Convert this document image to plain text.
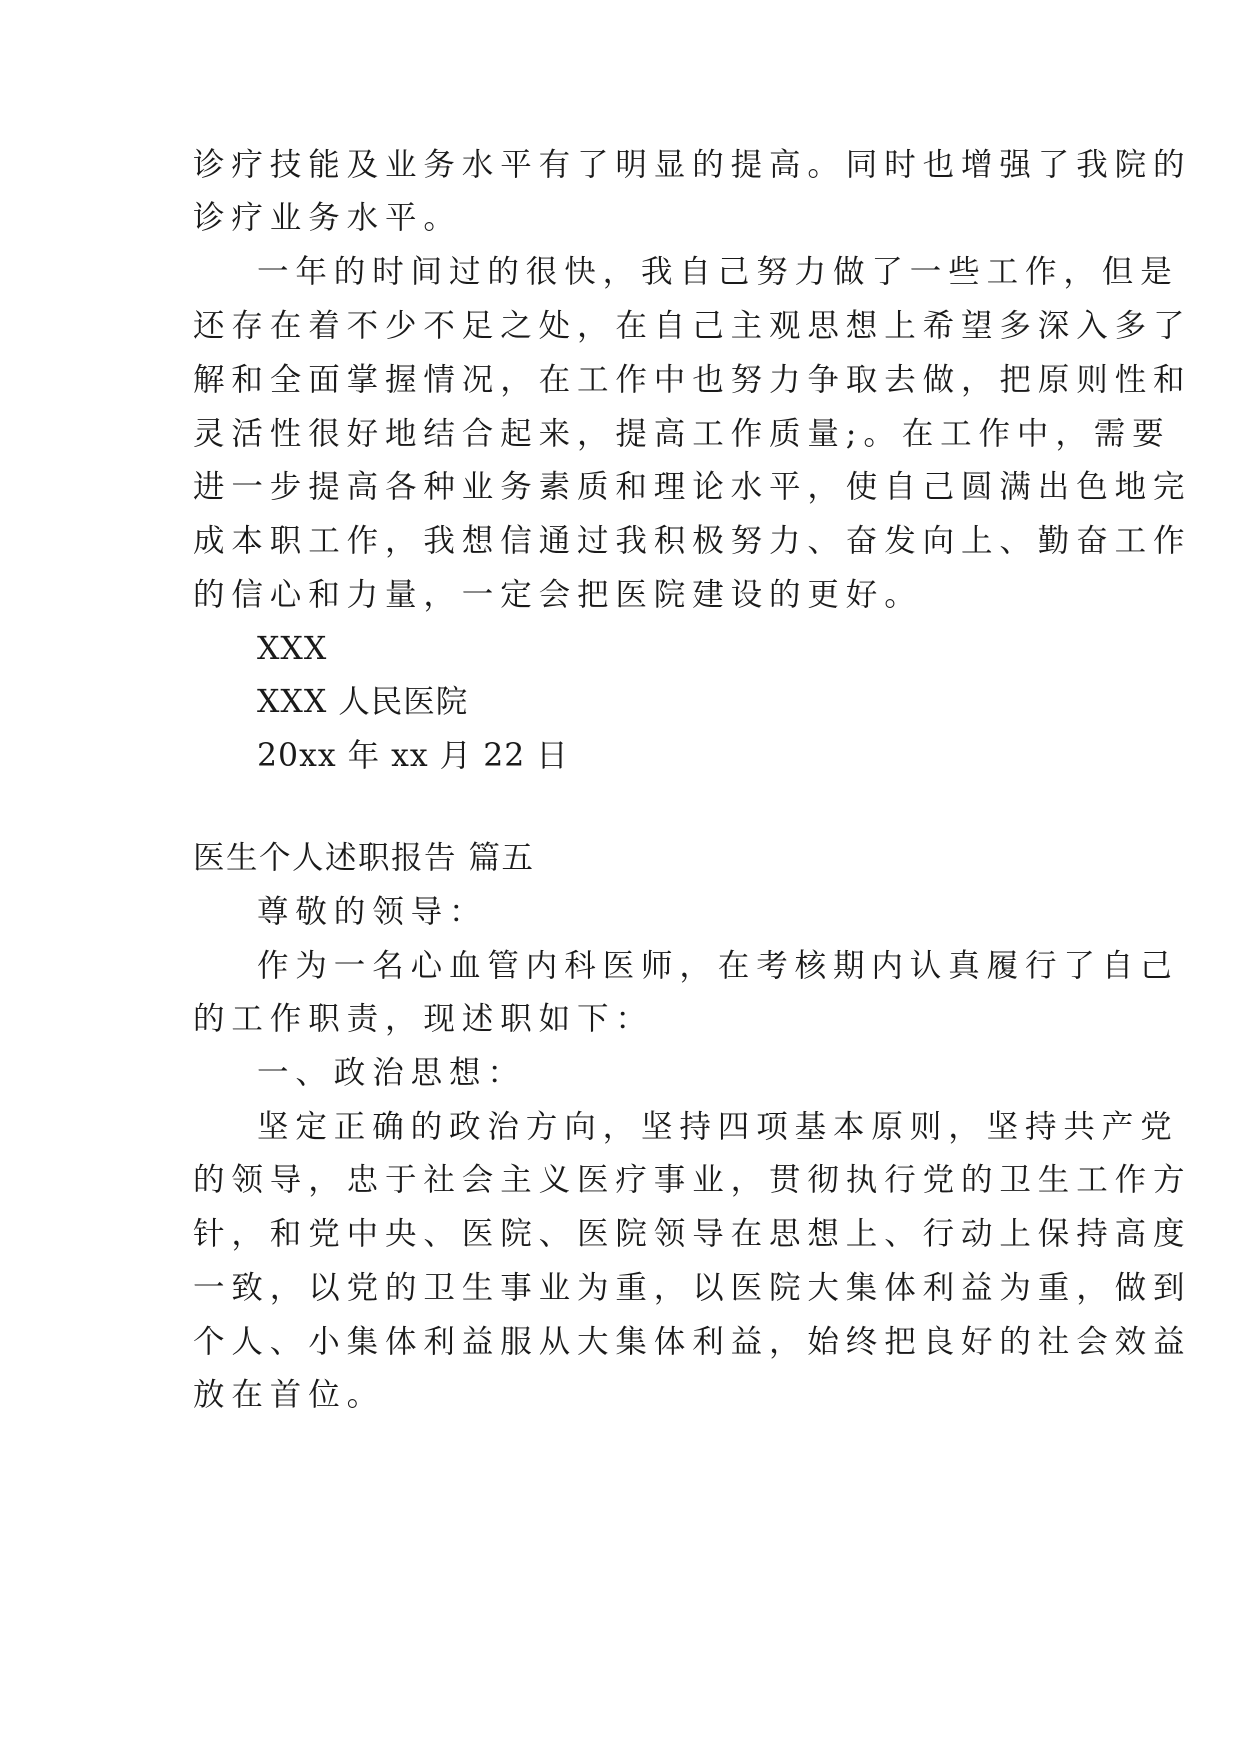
诊疗技能及业务水平有了明显的提高。同时也增强了我院的
诊疗业务水平。
一年的时间过的很快，我自己努力做了一些工作，但是
还存在着不少不足之处，在自己主观思想上希望多深入多了
解和全面掌握情况，在工作中也努力争取去做，把原则性和
灵活性很好地结合起来，提高工作质量;。在工作中，需要
进一步提高各种业务素质和理论水平，使自己圆满出色地完
成本职工作，我想信通过我积极努力、奋发向上、勤奋工作
的信心和力量，一定会把医院建设的更好。
XXX
XXX 人民医院
20xx 年 xx 月 22 日
医生个人述职报告 篇五
尊敬的领导：
作为一名心血管内科医师，在考核期内认真履行了自己
的工作职责，现述职如下：
一、政治思想：
坚定正确的政治方向，坚持四项基本原则，坚持共产党
的领导，忠于社会主义医疗事业，贯彻执行党的卫生工作方
针，和党中央、医院、医院领导在思想上、行动上保持高度
一致，以党的卫生事业为重，以医院大集体利益为重，做到
个人、小集体利益服从大集体利益，始终把良好的社会效益
放在首位。
